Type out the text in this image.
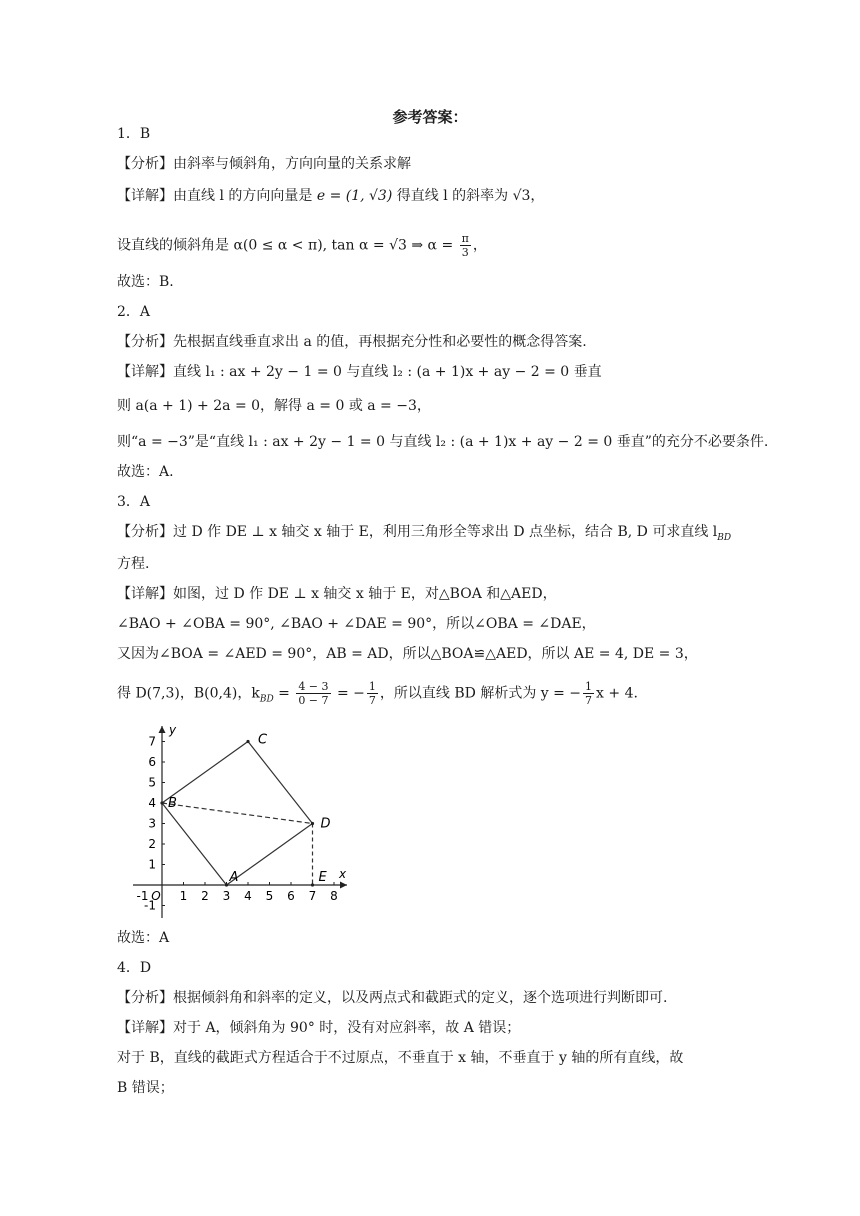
参考答案：
1．B
【分析】由斜率与倾斜角，方向向量的关系求解
【详解】由直线 l 的方向向量是 e = (1, √3) 得直线 l 的斜率为 √3，
设直线的倾斜角是 α(0 ≤ α < π), tan α = √3 ⇒ $\alpha = \frac{\pi}{3}$ ，
故选：B.
2．A
【分析】先根据直线垂直求出 a 的值，再根据充分性和必要性的概念得答案.
【详解】直线 l₁ : ax + 2y − 1 = 0 与直线 l₂ : (a + 1)x + ay − 2 = 0 垂直
则 a(a + 1) + 2a = 0，解得 a = 0 或 a = −3，
则“a = −3”是“直线 l₁ : ax + 2y − 1 = 0 与直线 l₂ : (a + 1)x + ay − 2 = 0 垂直”的充分不必要条件.
故选：A.
3．A
【分析】过 D 作 DE ⊥ x 轴交 x 轴于 E，利用三角形全等求出 D 点坐标，结合 B, D 可求直线 $l_{BD}$
方程.
【详解】如图，过 D 作 DE ⊥ x 轴交 x 轴于 E，对△BOA 和△AED，
∠BAO + ∠OBA = 90°, ∠BAO + ∠DAE = 90°，所以∠OBA = ∠DAE，
又因为∠BOA = ∠AED = 90°，AB = AD，所以△BOA≌△AED，所以 AE = 4, DE = 3，
得 D(7,3)，B(0,4)，$k_{BD} = \frac{4 - 3}{0 - 7}$ = − $\frac{1}{7}$ ，所以直线 BD 解析式为 y = − $\frac{1}{7}$ x + 4.
-1 O 1 2 3 4 5 6 7 8
7
6
5
4
3
2
1
-1
B
C
D
A	E
y
x
故选：A
4．D
【分析】根据倾斜角和斜率的定义，以及两点式和截距式的定义，逐个选项进行判断即可.
【详解】对于 A，倾斜角为 90° 时，没有对应斜率，故 A 错误；
对于 B，直线的截距式方程适合于不过原点，不垂直于 x 轴，不垂直于 y 轴的所有直线，故
B 错误；
